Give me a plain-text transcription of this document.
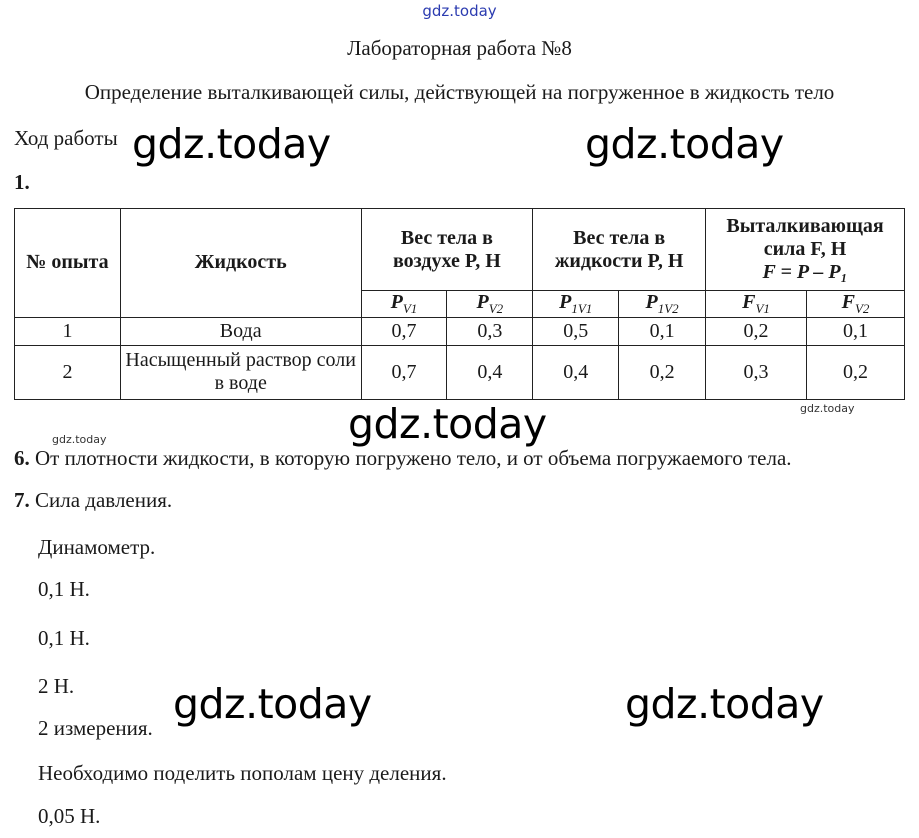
gdz.today
Лабораторная работа №8
Определение выталкивающей силы, действующей на погруженное в жидкость тело
Ход работы
1.
№ опыта	Жидкость	Вес тела в воздухе P, Н		Вес тела в жидкости P, Н		Выталкивающая сила F, Н
F = P – P₁	

		$P_{V1}$	$P_{V2}$	$P_{1V1}$	$P_{1V2}$	$F_{V1}$	$F_{V2}$
1	Вода	0,7	0,3	0,5	0,1	0,2	0,1
2	Насыщенный раствор соли в воде	0,7	0,4	0,4	0,2	0,3	0,2
gdz.today
gdz.today
6. От плотности жидкости, в которую погружено тело, и от объема погружаемого тела.
7. Сила давления.
Динамометр.
0,1 Н.
0,1 Н.
2 Н.
2 измерения.
Необходимо поделить пополам цену деления.
0,05 Н.
gdz.today	gdz.today
gdz.today
gdz.today	gdz.today
